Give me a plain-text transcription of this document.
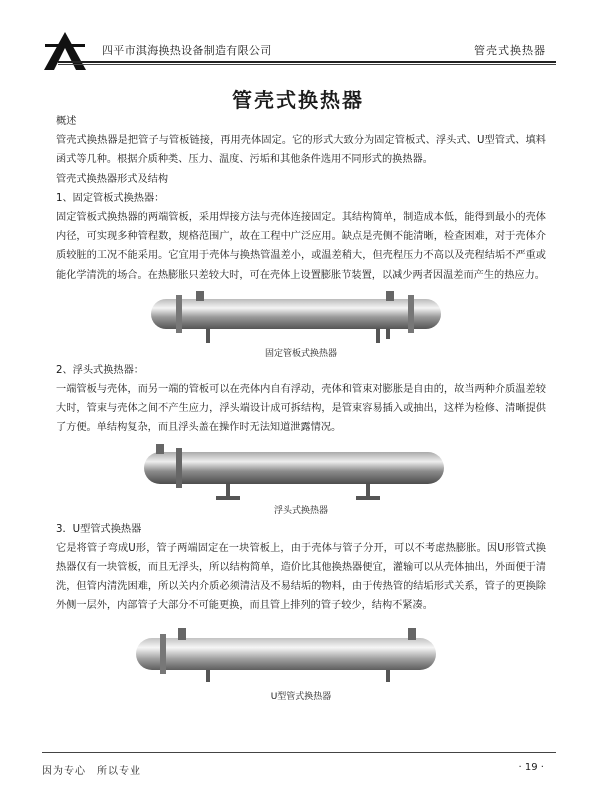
四平市淇海换热设备制造有限公司	管壳式换热器
管壳式换热器

概述

管壳式换热器是把管子与管板链接，再用壳体固定。它的形式大致分为固定管板式、浮头式、U型管式、填料函式等几种。根据介质种类、压力、温度、污垢和其他条件选用不同形式的换热器。

管壳式换热器形式及结构

1、固定管板式换热器：

固定管板式换热器的两端管板，采用焊接方法与壳体连接固定。其结构简单，制造成本低，能得到最小的壳体内径，可实现多种管程数，规格范围广，故在工程中广泛应用。缺点是壳侧不能清晰，检查困难，对于壳体介质较脏的工况不能采用。它宜用于壳体与换热管温差小，或温差稍大，但壳程压力不高以及壳程结垢不严重或能化学清洗的场合。在热膨胀只差较大时，可在壳体上设置膨胀节装置，以减少两者因温差而产生的热应力。

固定管板式换热器

2、浮头式换热器：

一端管板与壳体，而另一端的管板可以在壳体内自有浮动，壳体和管束对膨胀是自由的，故当两种介质温差较大时，管束与壳体之间不产生应力，浮头端设计成可拆结构，是管束容易插入或抽出，这样为检修、清晰提供了方便。单结构复杂，而且浮头盖在操作时无法知道泄露情况。

浮头式换热器

3．U型管式换热器

它是将管子弯成U形，管子两端固定在一块管板上，由于壳体与管子分开，可以不考虑热膨胀。因U形管式换热器仅有一块管板，而且无浮头，所以结构简单，造价比其他换热器便宜，灌输可以从壳体抽出，外面便于清洗，但管内清洗困难，所以关内介质必须清洁及不易结垢的物料，由于传热管的结垢形式关系，管子的更换除外侧一层外，内部管子大部分不可能更换，而且管上排列的管子较少，结构不紧凑。

U型管式换热器
因为专心　所以专业	· 19 ·
